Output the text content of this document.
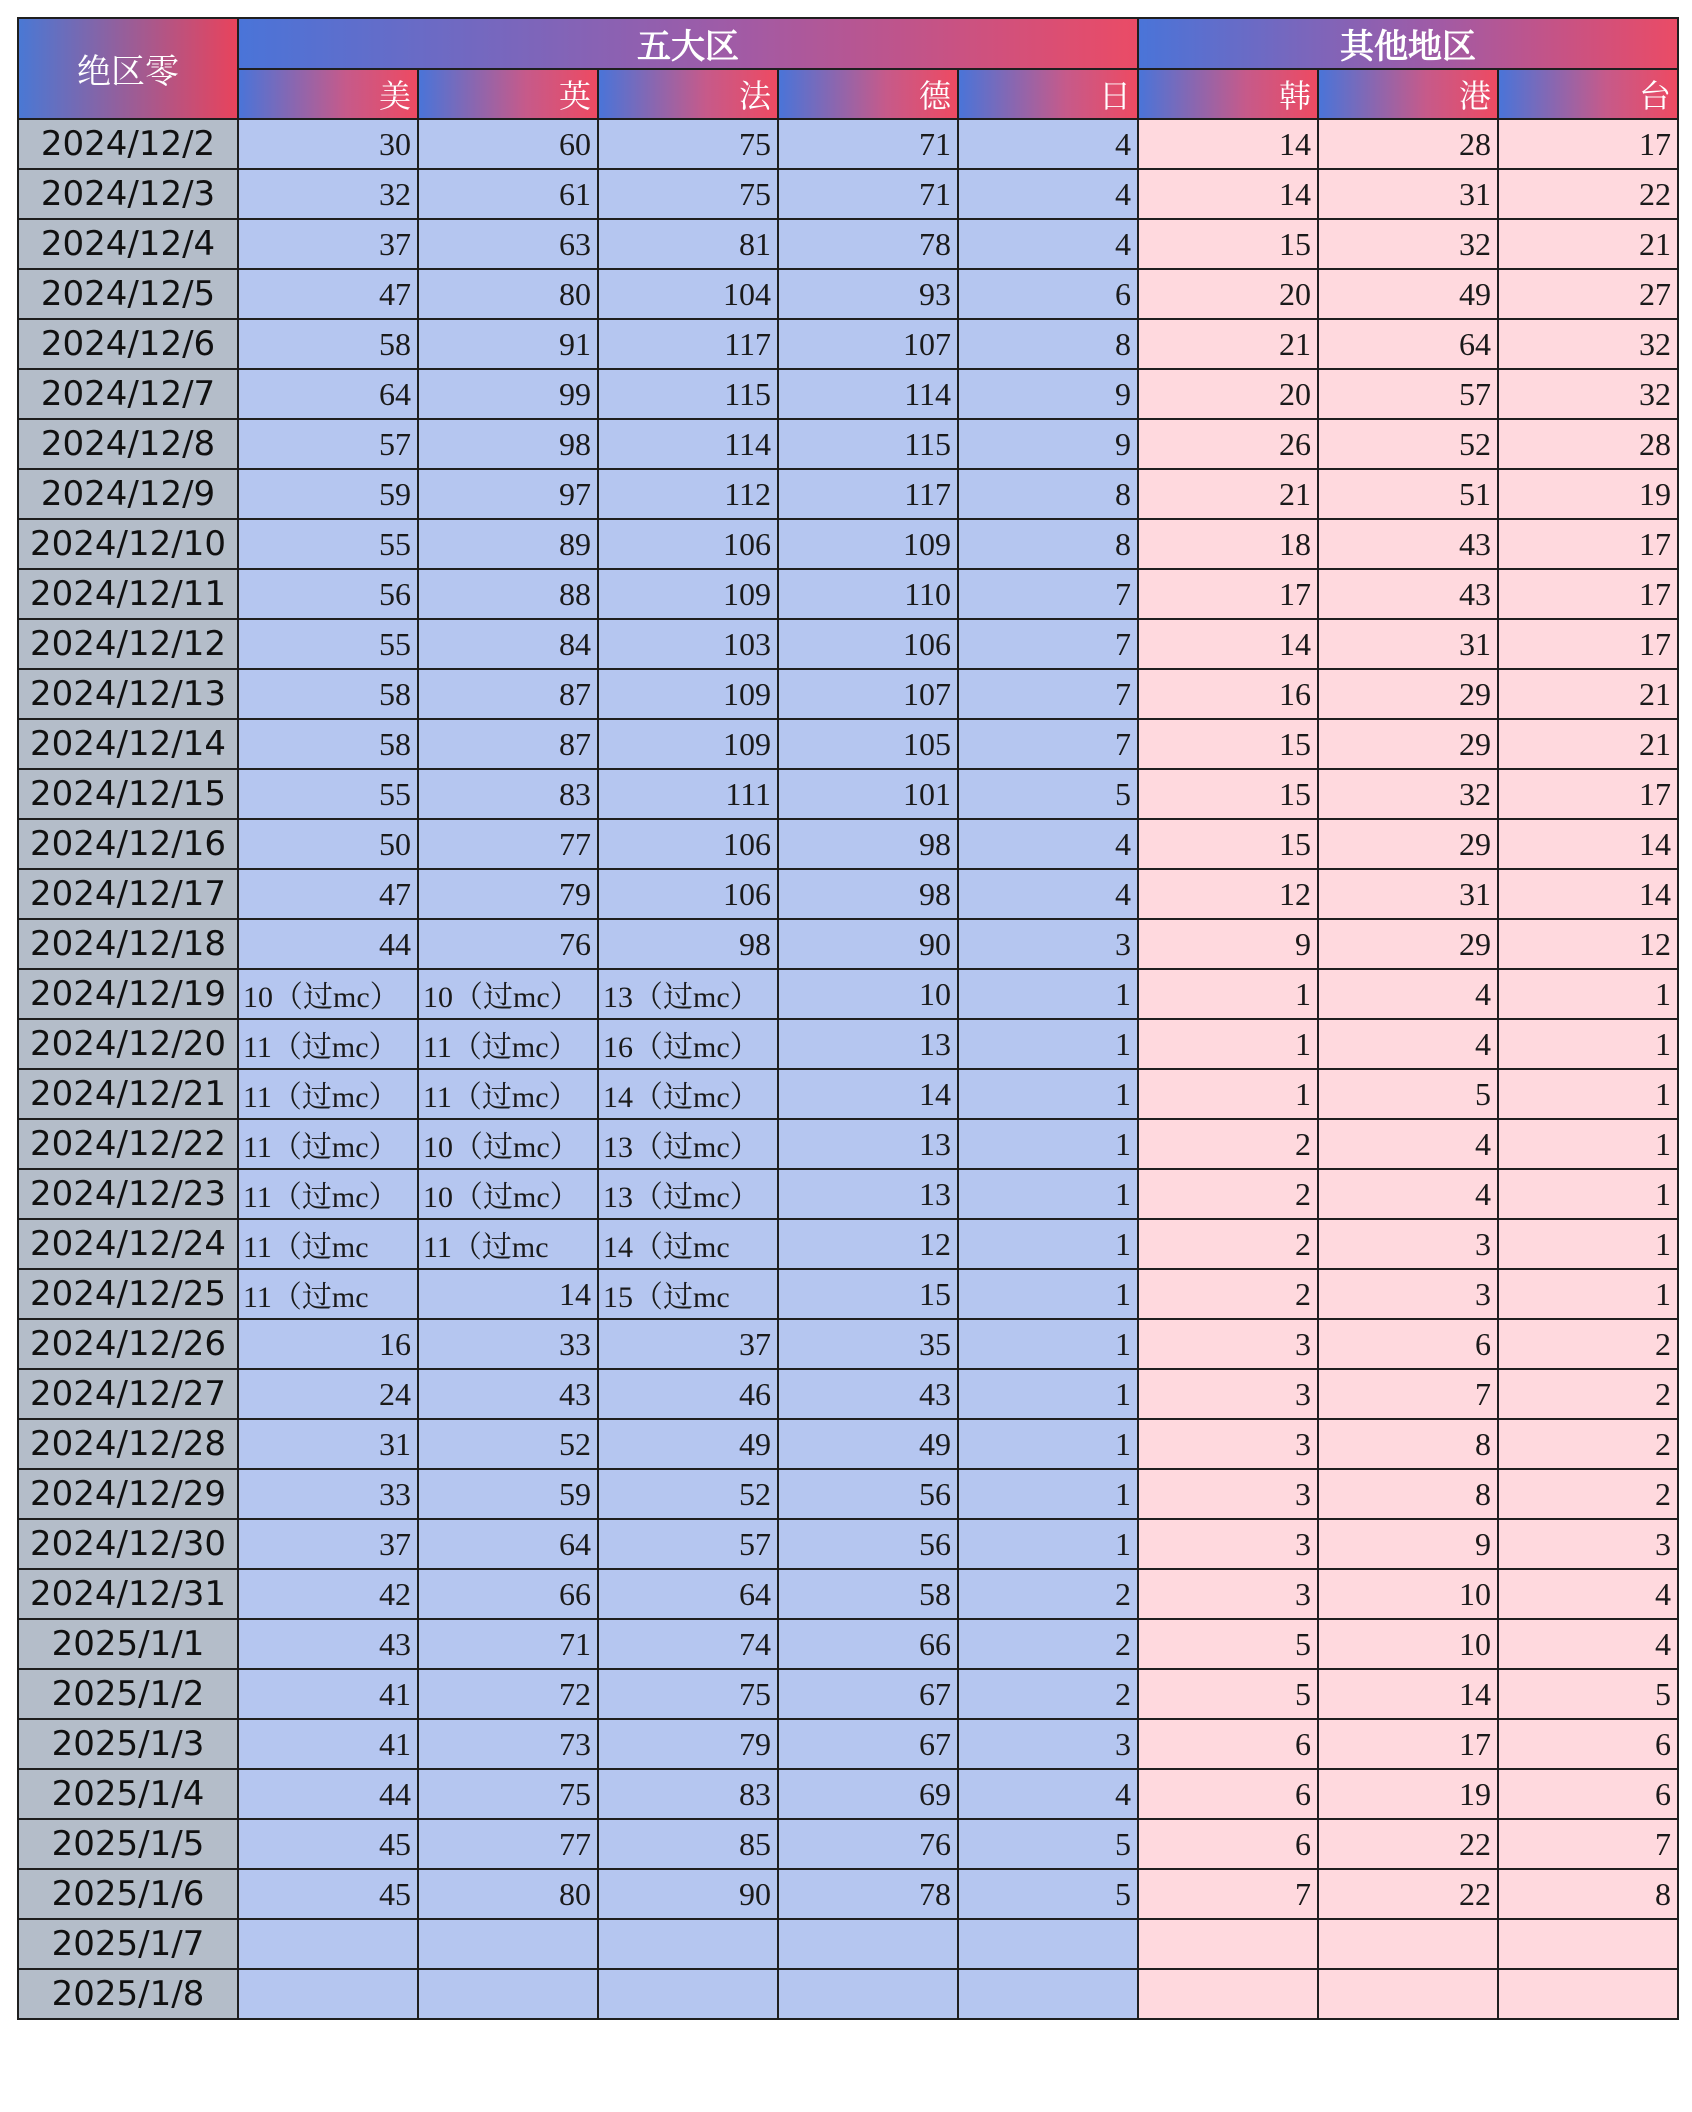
绝区零	五大区					其他地区		
	美	英	法	德	日	韩	港	台
2024/12/2	30	60	75	71	4	14	28	17
2024/12/3	32	61	75	71	4	14	31	22
2024/12/4	37	63	81	78	4	15	32	21
2024/12/5	47	80	104	93	6	20	49	27
2024/12/6	58	91	117	107	8	21	64	32
2024/12/7	64	99	115	114	9	20	57	32
2024/12/8	57	98	114	115	9	26	52	28
2024/12/9	59	97	112	117	8	21	51	19
2024/12/10	55	89	106	109	8	18	43	17
2024/12/11	56	88	109	110	7	17	43	17
2024/12/12	55	84	103	106	7	14	31	17
2024/12/13	58	87	109	107	7	16	29	21
2024/12/14	58	87	109	105	7	15	29	21
2024/12/15	55	83	111	101	5	15	32	17
2024/12/16	50	77	106	98	4	15	29	14
2024/12/17	47	79	106	98	4	12	31	14
2024/12/18	44	76	98	90	3	9	29	12
2024/12/19	10（过mc）	10（过mc）	13（过mc）	10	1	1	4	1
2024/12/20	11（过mc）	11（过mc）	16（过mc）	13	1	1	4	1
2024/12/21	11（过mc）	11（过mc）	14（过mc）	14	1	1	5	1
2024/12/22	11（过mc）	10（过mc）	13（过mc）	13	1	2	4	1
2024/12/23	11（过mc）	10（过mc）	13（过mc）	13	1	2	4	1
2024/12/24	11（过mc	11（过mc	14（过mc	12	1	2	3	1
2024/12/25	11（过mc	14	15（过mc	15	1	2	3	1
2024/12/26	16	33	37	35	1	3	6	2
2024/12/27	24	43	46	43	1	3	7	2
2024/12/28	31	52	49	49	1	3	8	2
2024/12/29	33	59	52	56	1	3	8	2
2024/12/30	37	64	57	56	1	3	9	3
2024/12/31	42	66	64	58	2	3	10	4
2025/1/1	43	71	74	66	2	5	10	4
2025/1/2	41	72	75	67	2	5	14	5
2025/1/3	41	73	79	67	3	6	17	6
2025/1/4	44	75	83	69	4	6	19	6
2025/1/5	45	77	85	76	5	6	22	7
2025/1/6	45	80	90	78	5	7	22	8
2025/1/7								
2025/1/8								
